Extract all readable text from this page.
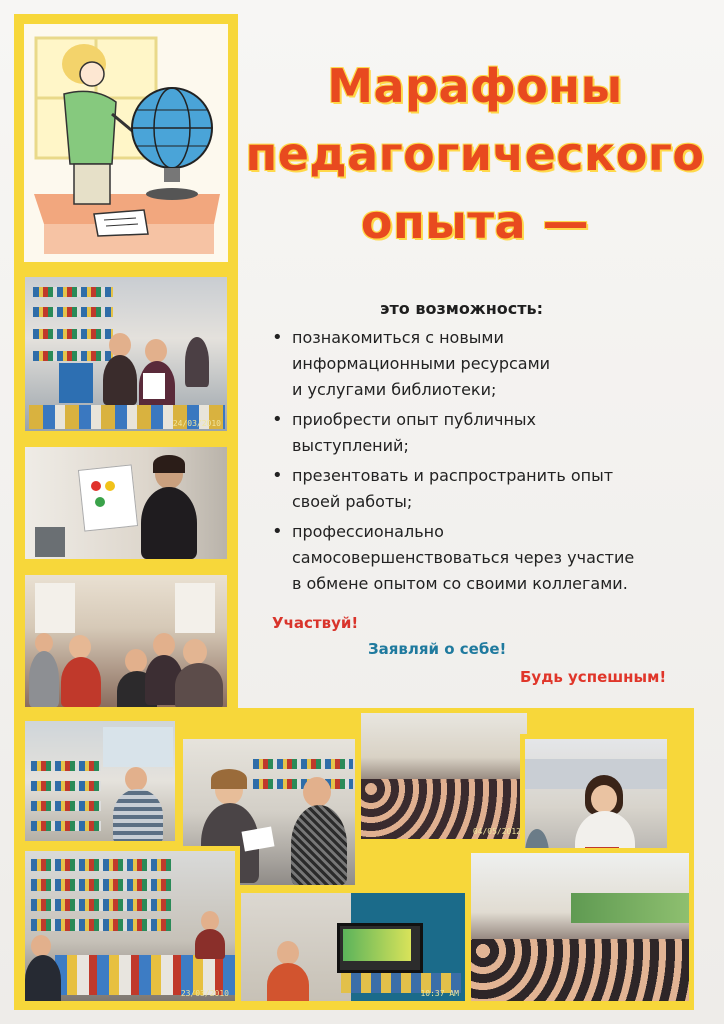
24/03/2010
04/05/2012
23/03/2010	10:37 AM
Марафоны
педагогического
опыта —
это возможность:
• познакомиться с новыми
информационными ресурсами
и услугами библиотеки;
• приобрести опыт публичных
выступлений;
• презентовать и распространить опыт
своей работы;
• профессионально
самосовершенствоваться через участие
в обмене опытом со своими коллегами.
Участвуй!
Заявляй о себе!
Будь успешным!
